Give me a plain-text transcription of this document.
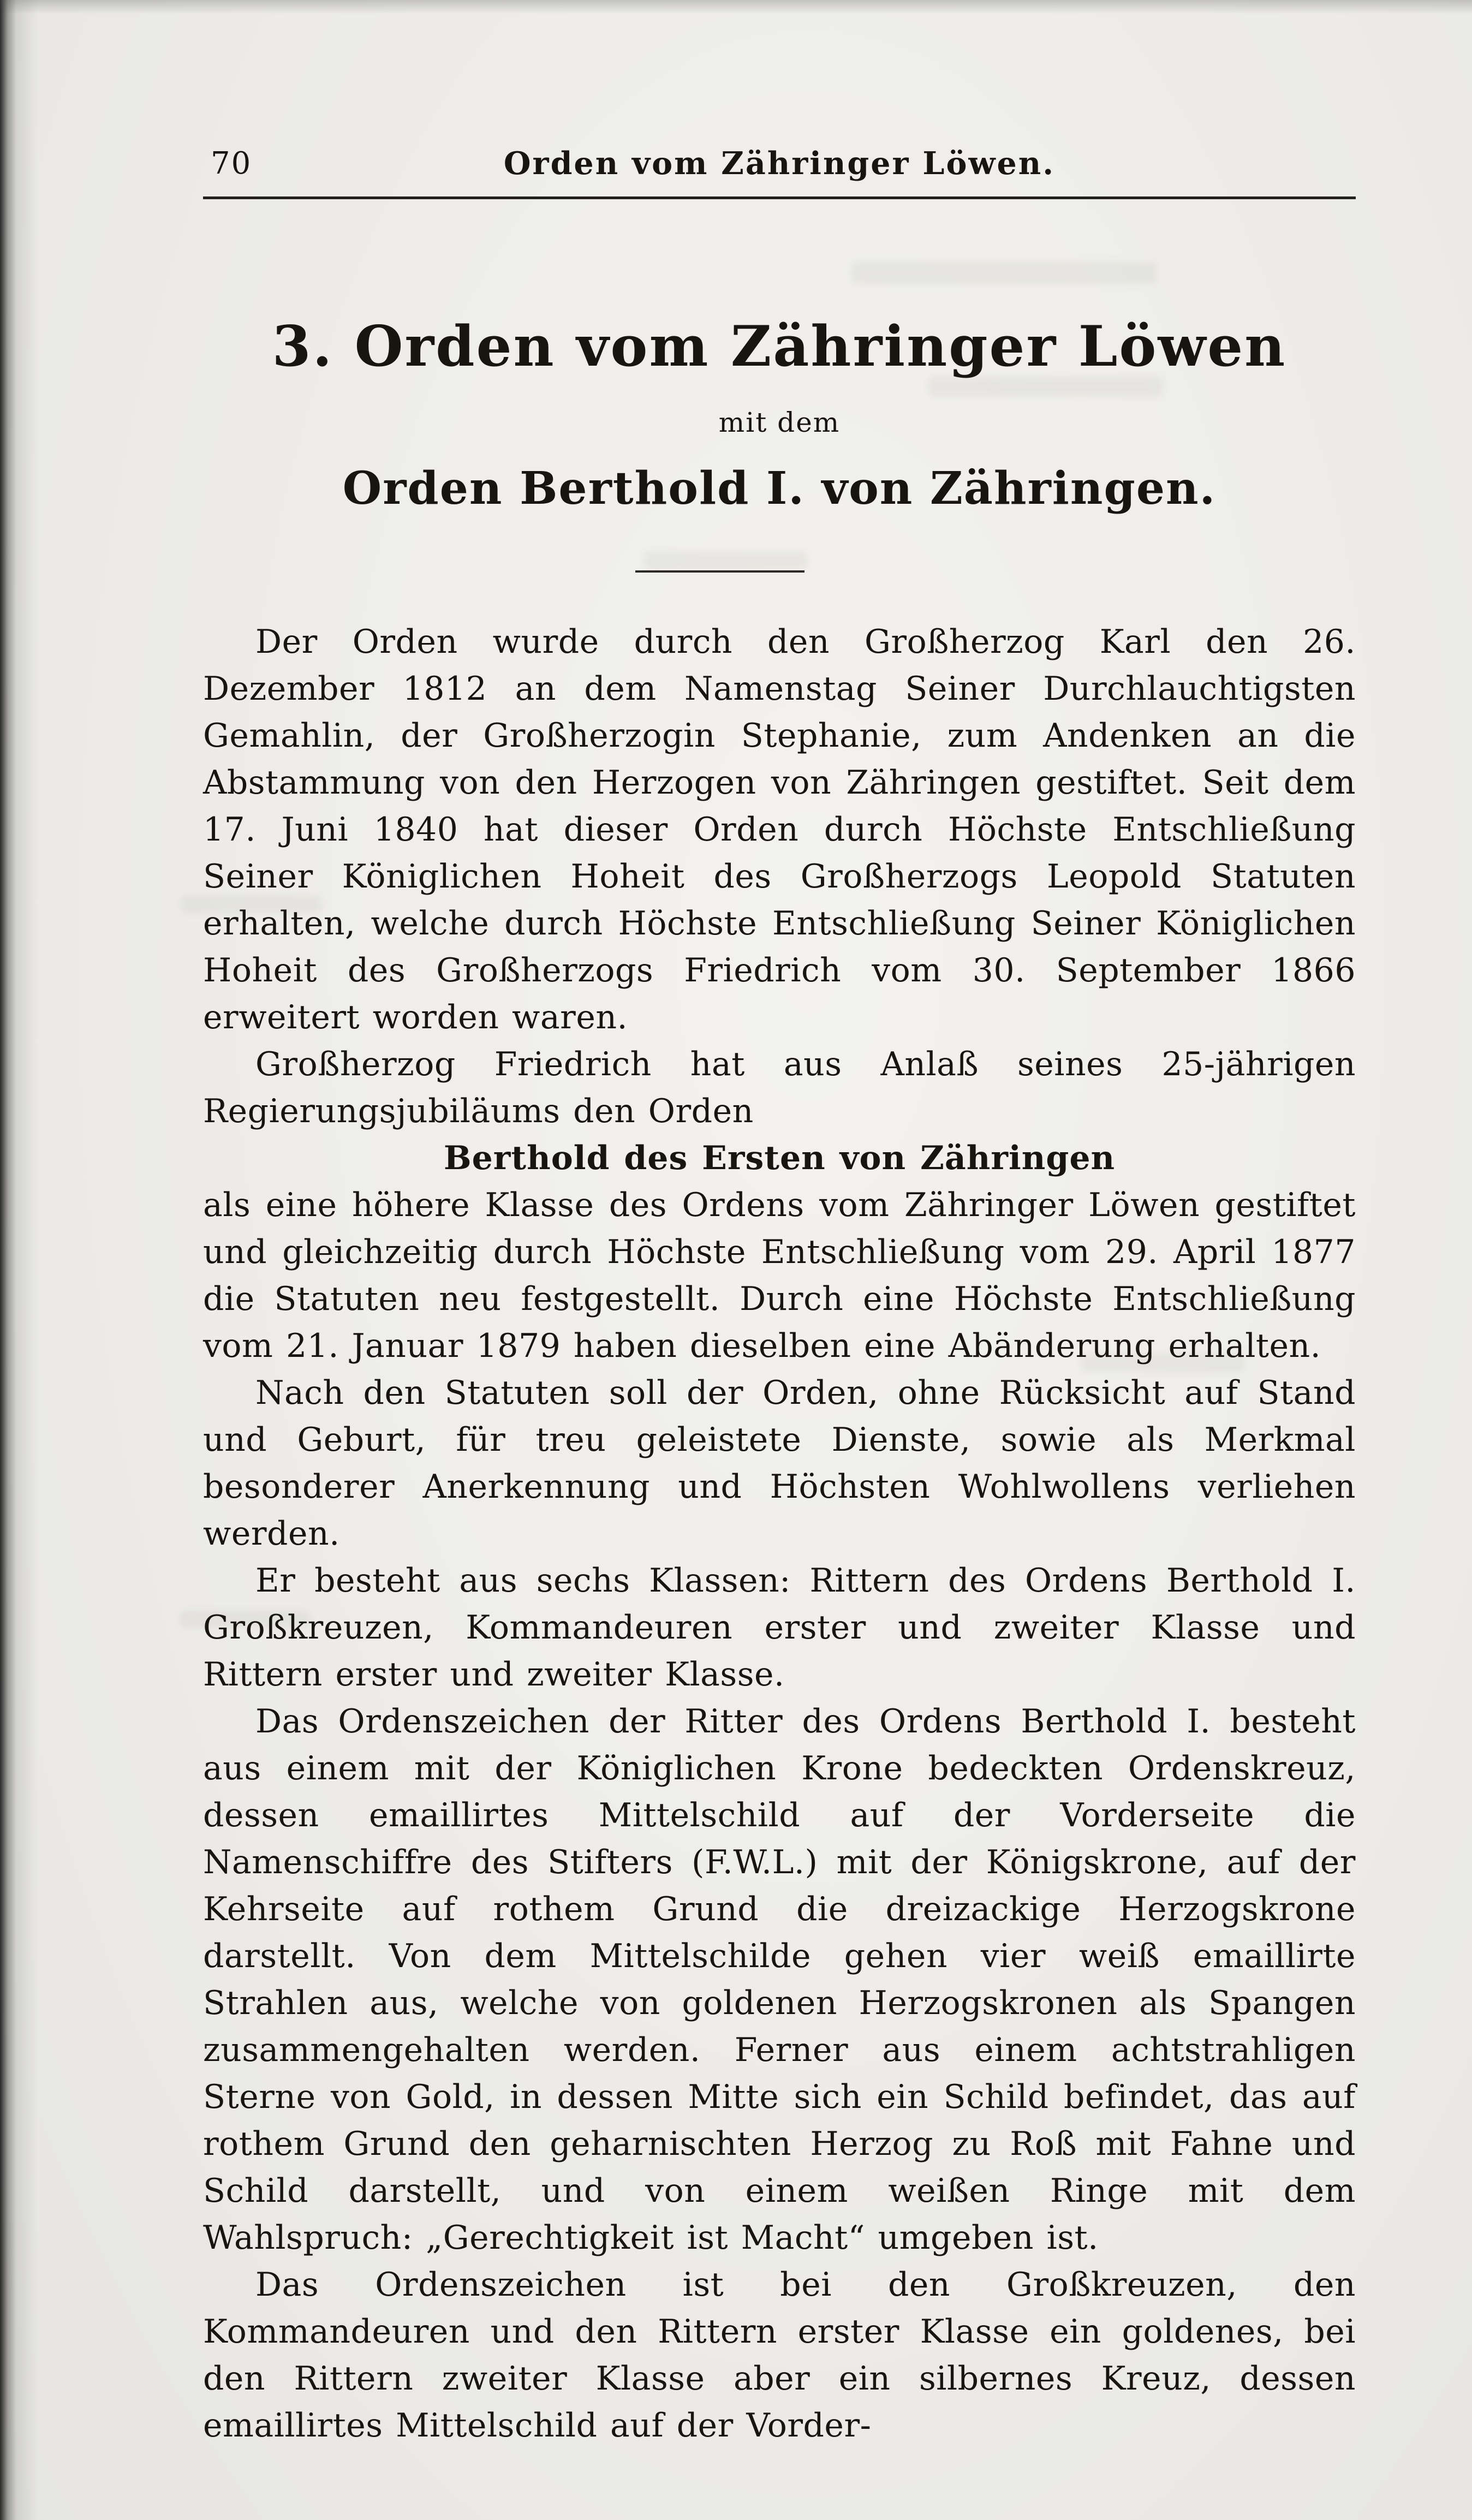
70	Orden vom Zähringer Löwen.
3. Orden vom Zähringer Löwen
mit dem
Orden Berthold I. von Zähringen.

Der Orden wurde durch den Großherzog Karl den 26. Dezember 1812 an dem Namenstag Seiner Durchlauchtigsten Gemahlin, der Großherzogin Stephanie, zum Andenken an die Abstammung von den Herzogen von Zähringen gestiftet. Seit dem 17. Juni 1840 hat dieser Orden durch Höchste Entschließung Seiner Königlichen Hoheit des Großherzogs Leopold Statuten erhalten, welche durch Höchste Entschließung Seiner Königlichen Hoheit des Großherzogs Friedrich vom 30. September 1866 erweitert worden waren.

Großherzog Friedrich hat aus Anlaß seines 25-jährigen Regierungsjubiläums den Orden

Berthold des Ersten von Zähringen

als eine höhere Klasse des Ordens vom Zähringer Löwen gestiftet und gleichzeitig durch Höchste Entschließung vom 29. April 1877 die Statuten neu festgestellt. Durch eine Höchste Entschließung vom 21. Januar 1879 haben dieselben eine Abänderung erhalten.

Nach den Statuten soll der Orden, ohne Rücksicht auf Stand und Geburt, für treu geleistete Dienste, sowie als Merkmal besonderer Anerkennung und Höchsten Wohlwollens verliehen werden.

Er besteht aus sechs Klassen: Rittern des Ordens Berthold I. Großkreuzen, Kommandeuren erster und zweiter Klasse und Rittern erster und zweiter Klasse.

Das Ordenszeichen der Ritter des Ordens Berthold I. besteht aus einem mit der Königlichen Krone bedeckten Ordenskreuz, dessen emaillirtes Mittelschild auf der Vorderseite die Namenschiffre des Stifters (F.W.L.) mit der Königskrone, auf der Kehrseite auf rothem Grund die dreizackige Herzogskrone darstellt. Von dem Mittelschilde gehen vier weiß emaillirte Strahlen aus, welche von goldenen Herzogskronen als Spangen zusammengehalten werden. Ferner aus einem achtstrahligen Sterne von Gold, in dessen Mitte sich ein Schild befindet, das auf rothem Grund den geharnischten Herzog zu Roß mit Fahne und Schild darstellt, und von einem weißen Ringe mit dem Wahlspruch: „Gerechtigkeit ist Macht“ umgeben ist.

Das Ordenszeichen ist bei den Großkreuzen, den Kommandeuren und den Rittern erster Klasse ein goldenes, bei den Rittern zweiter Klasse aber ein silbernes Kreuz, dessen emaillirtes Mittelschild auf der Vorder-
